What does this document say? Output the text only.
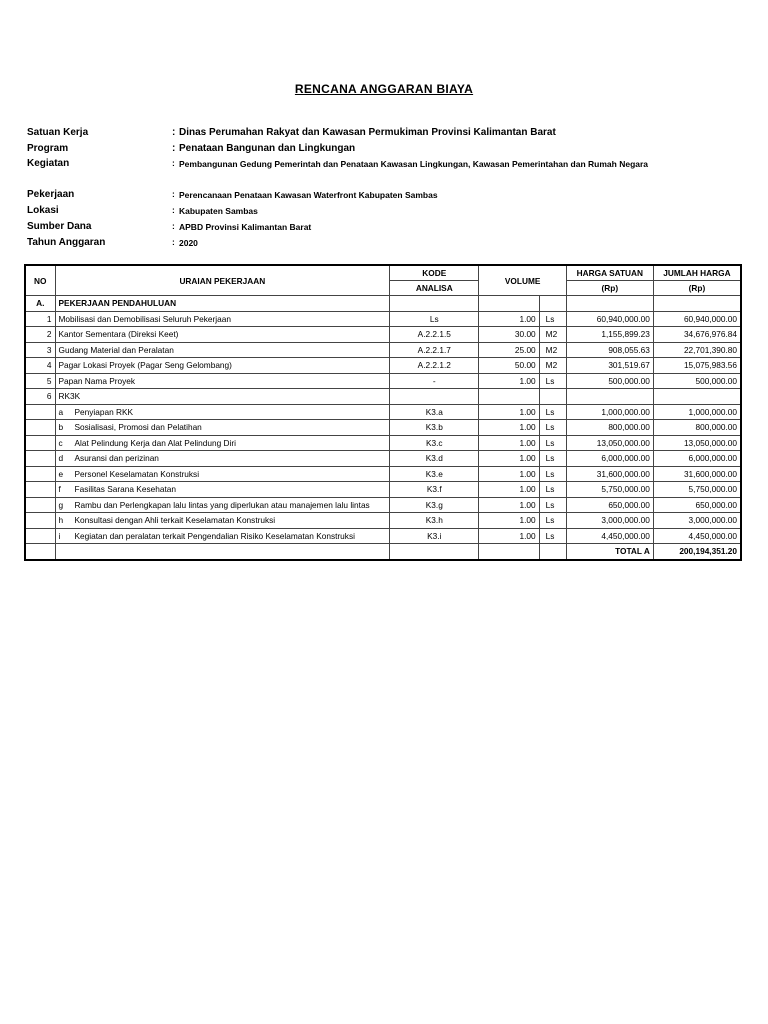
RENCANA ANGGARAN BIAYA
Satuan Kerja	: Dinas Perumahan Rakyat dan Kawasan Permukiman Provinsi Kalimantan Barat
Program	: Penataan Bangunan dan Lingkungan
Kegiatan	: Pembangunan Gedung Pemerintah dan Penataan Kawasan Lingkungan, Kawasan Pemerintahan dan Rumah Negara
Pekerjaan	: Perencanaan Penataan Kawasan Waterfront Kabupaten Sambas
Lokasi	: Kabupaten Sambas
Sumber Dana	: APBD Provinsi Kalimantan Barat
Tahun Anggaran	: 2020
NO	URAIAN PEKERJAAN	KODE	VOLUME		HARGA SATUAN	JUMLAH HARGA
		ANALISA			(Rp)	(Rp)
A.	PEKERJAAN PENDAHULUAN					
1	Mobilisasi dan Demobilisasi Seluruh Pekerjaan	Ls	1.00	Ls	60,940,000.00	60,940,000.00
2	Kantor Sementara (Direksi Keet)	A.2.2.1.5	30.00	M2	1,155,899.23	34,676,976.84
3	Gudang Material dan Peralatan	A.2.2.1.7	25.00	M2	908,055.63	22,701,390.80
4	Pagar Lokasi Proyek (Pagar Seng Gelombang)	A.2.2.1.2	50.00	M2	301,519.67	15,075,983.56
5	Papan Nama Proyek	-	1.00	Ls	500,000.00	500,000.00
6	RK3K					
	a Penyiapan RKK	K3.a	1.00	Ls	1,000,000.00	1,000,000.00
	b Sosialisasi, Promosi dan Pelatihan	K3.b	1.00	Ls	800,000.00	800,000.00
	c Alat Pelindung Kerja dan Alat Pelindung Diri	K3.c	1.00	Ls	13,050,000.00	13,050,000.00
	d Asuransi dan perizinan	K3.d	1.00	Ls	6,000,000.00	6,000,000.00
	e Personel Keselamatan Konstruksi	K3.e	1.00	Ls	31,600,000.00	31,600,000.00
	f Fasilitas Sarana Kesehatan	K3.f	1.00	Ls	5,750,000.00	5,750,000.00
	g Rambu dan Perlengkapan lalu lintas yang diperlukan atau manajemen lalu lintas	K3.g	1.00	Ls	650,000.00	650,000.00
	h Konsultasi dengan Ahli terkait Keselamatan Konstruksi	K3.h	1.00	Ls	3,000,000.00	3,000,000.00
	i Kegiatan dan peralatan terkait Pengendalian Risiko Keselamatan Konstruksi	K3.i	1.00	Ls	4,450,000.00	4,450,000.00
					TOTAL A	200,194,351.20
